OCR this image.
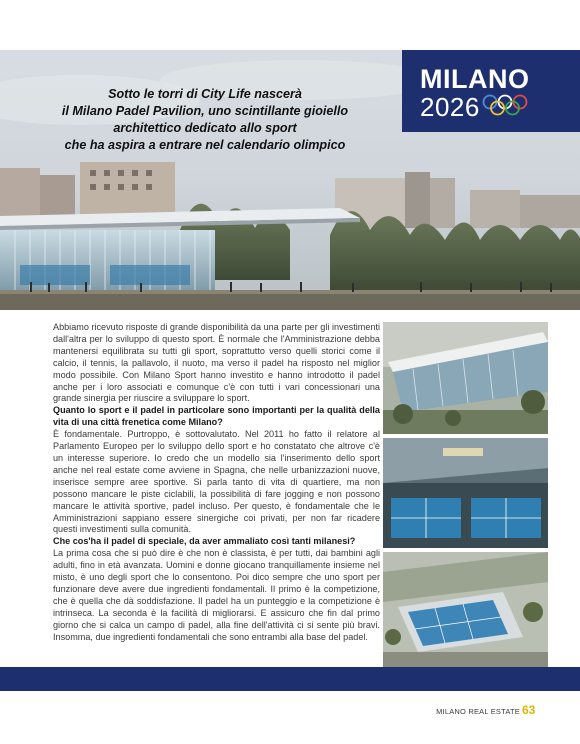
MILANO
2026
Sotto le torri di City Life nascerà
il Milano Padel Pavilion, uno scintillante gioiello
architettico dedicato allo sport
che ha aspira a entrare nel calendario olimpico

Abbiamo ricevuto risposte di grande disponibilità da una parte per gli investimenti dall'altra per lo sviluppo di questo sport. È normale che l'Amministrazione debba mantenersi equilibrata su tutti gli sport, soprattutto verso quelli storici come il calcio, il tennis, la pallavolo, il nuoto, ma verso il padel ha risposto nel miglior modo possibile. Con Milano Sport hanno investito e hanno introdotto il padel anche per i loro associati e comunque c'è con tutti i vari concessionari una grande sinergia per riuscire a sviluppare lo sport.

Quanto lo sport e il padel in particolare sono importanti per la qualità della vita di una città frenetica come Milano?

È fondamentale. Purtroppo, è sottovalutato. Nel 2011 ho fatto il relatore al Parlamento Europeo per lo sviluppo dello sport e ho constatato che altrove c'è un interesse superiore. Io credo che un modello sia l'inserimento dello sport anche nel real estate come avviene in Spagna, che nelle urbanizzazioni nuove, inserisce sempre aree sportive. Si parla tanto di vita di quartiere, ma non possono mancare le piste ciclabili, la possibilità di fare jogging e non possono mancare le attività sportive, padel incluso. Per questo, è fondamentale che le Amministrazioni sappiano essere sinergiche coi privati, per non far ricadere questi investimenti sulla comunità.

Che cos'ha il padel di speciale, da aver ammaliato così tanti milanesi?

La prima cosa che si può dire è che non è classista, è per tutti, dai bambini agli adulti, fino in età avanzata. Uomini e donne giocano tranquillamente insieme nel misto, è uno degli sport che lo consentono. Poi dico sempre che uno sport per funzionare deve avere due ingredienti fondamentali. Il primo è la competizione, che è quella che dà soddisfazione. Il padel ha un punteggio e la competizione è intrinseca. La seconda è la facilità di migliorarsi. E assicuro che fin dal primo giorno che si calca un campo di padel, alla fine dell'attività ci si sente più bravi. Insomma, due ingredienti fondamentali che sono entrambi alla base del padel.

MILANO REAL ESTATE 63
